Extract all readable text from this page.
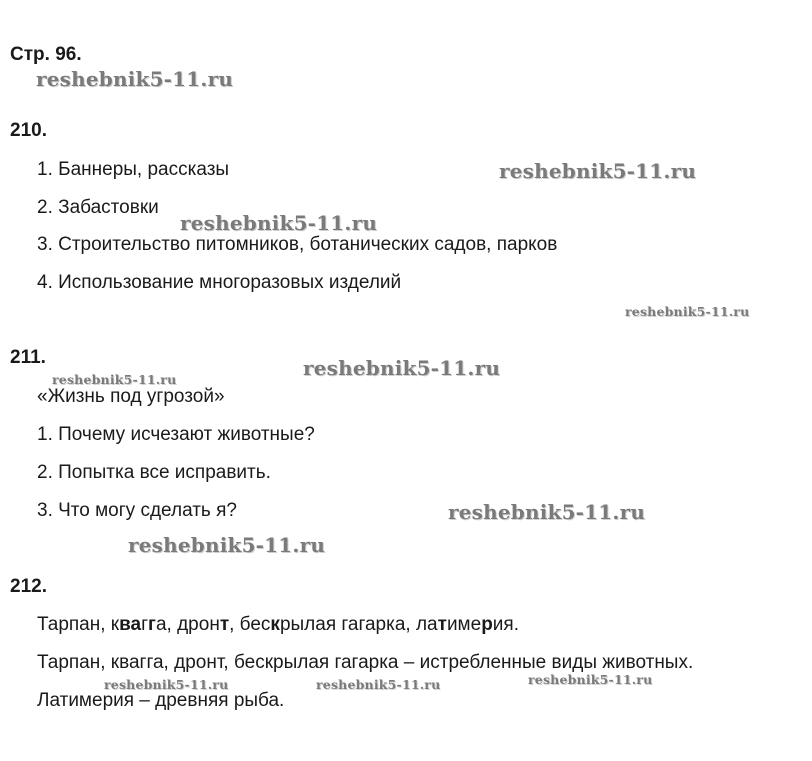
Стр. 96.
210.
1. Баннеры, рассказы
2. Забастовки
3. Строительство питомников, ботанических садов, парков
4. Использование многоразовых изделий
211.
«Жизнь под угрозой»
1. Почему исчезают животные?
2. Попытка все исправить.
3. Что могу сделать я?
212.
Тарпан, квагга, дронт, бескрылая гагарка, латимерия.
Тарпан, квагга, дронт, бескрылая гагарка – истребленные виды животных.
Латимерия – древняя рыба.
reshebnik5-11.ru
reshebnik5-11.ru
reshebnik5-11.ru
reshebnik5-11.ru
reshebnik5-11.ru
reshebnik5-11.ru
reshebnik5-11.ru
reshebnik5-11.ru
reshebnik5-11.ru	reshebnik5-11.ru	reshebnik5-11.ru
